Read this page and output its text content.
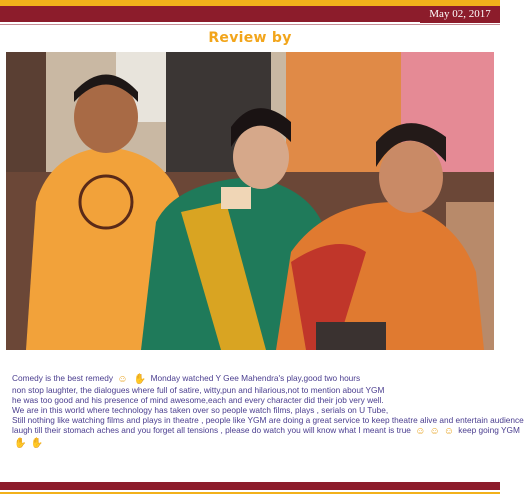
May 02, 2017
Review by
Comedy is the best remedy ☺ ✋ Monday watched Y Gee Mahendra's play,good two hours
non stop laughter, the dialogues where full of satire, witty,pun and hilarious,not to mention about YGM
he was too good and his presence of mind awesome,each and every character did their job very well.
We are in this world where technology has taken over so people watch films, plays , serials on U Tube,
Still nothing like watching films and plays in theatre , people like YGM are doing a great service to keep theatre alive and entertain audience
laugh till their stomach aches and you forget all tensions , please do watch you will know what I meant is true ☺ ☺ ☺ keep going YGM
✋ ✋
